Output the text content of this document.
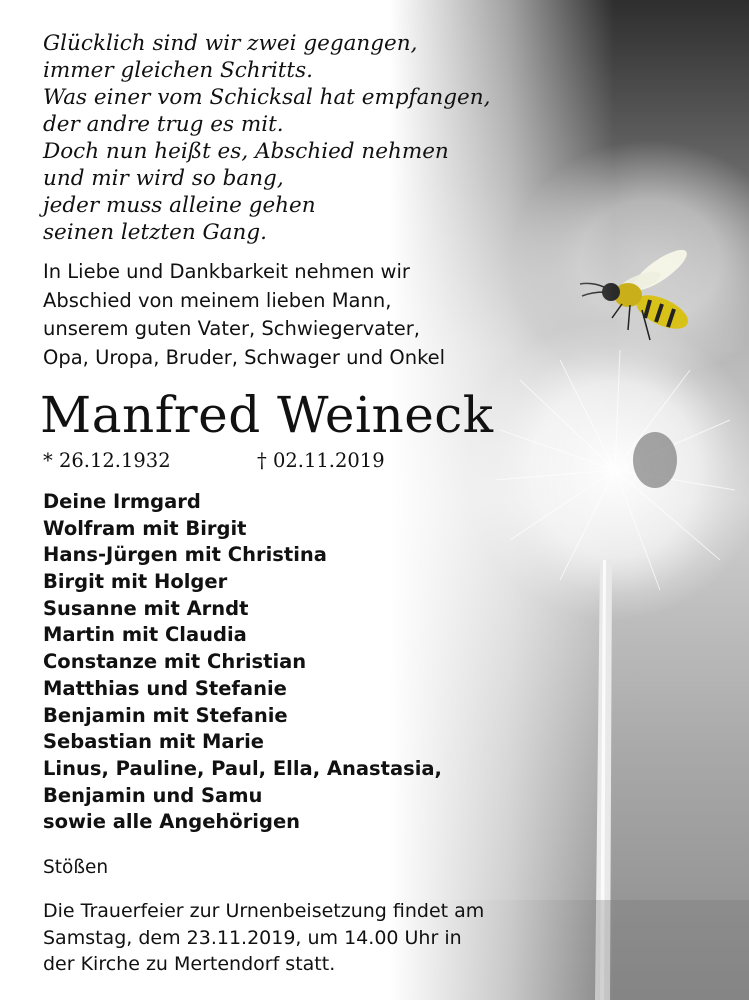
Glücklich sind wir zwei gegangen,
immer gleichen Schritts.
Was einer vom Schicksal hat empfangen,
der andre trug es mit.
Doch nun heißt es, Abschied nehmen
und mir wird so bang,
jeder muss alleine gehen
seinen letzten Gang.
In Liebe und Dankbarkeit nehmen wir
Abschied von meinem lieben Mann,
unserem guten Vater, Schwiegervater,
Opa, Uropa, Bruder, Schwager und Onkel
Manfred Weineck
* 26.12.1932	† 02.11.2019
Deine Irmgard
Wolfram mit Birgit
Hans-Jürgen mit Christina
Birgit mit Holger
Susanne mit Arndt
Martin mit Claudia
Constanze mit Christian
Matthias und Stefanie
Benjamin mit Stefanie
Sebastian mit Marie
Linus, Pauline, Paul, Ella, Anastasia,
Benjamin und Samu
sowie alle Angehörigen
Stößen
Die Trauerfeier zur Urnenbeisetzung findet am
Samstag, dem 23.11.2019, um 14.00 Uhr in
der Kirche zu Mertendorf statt.
